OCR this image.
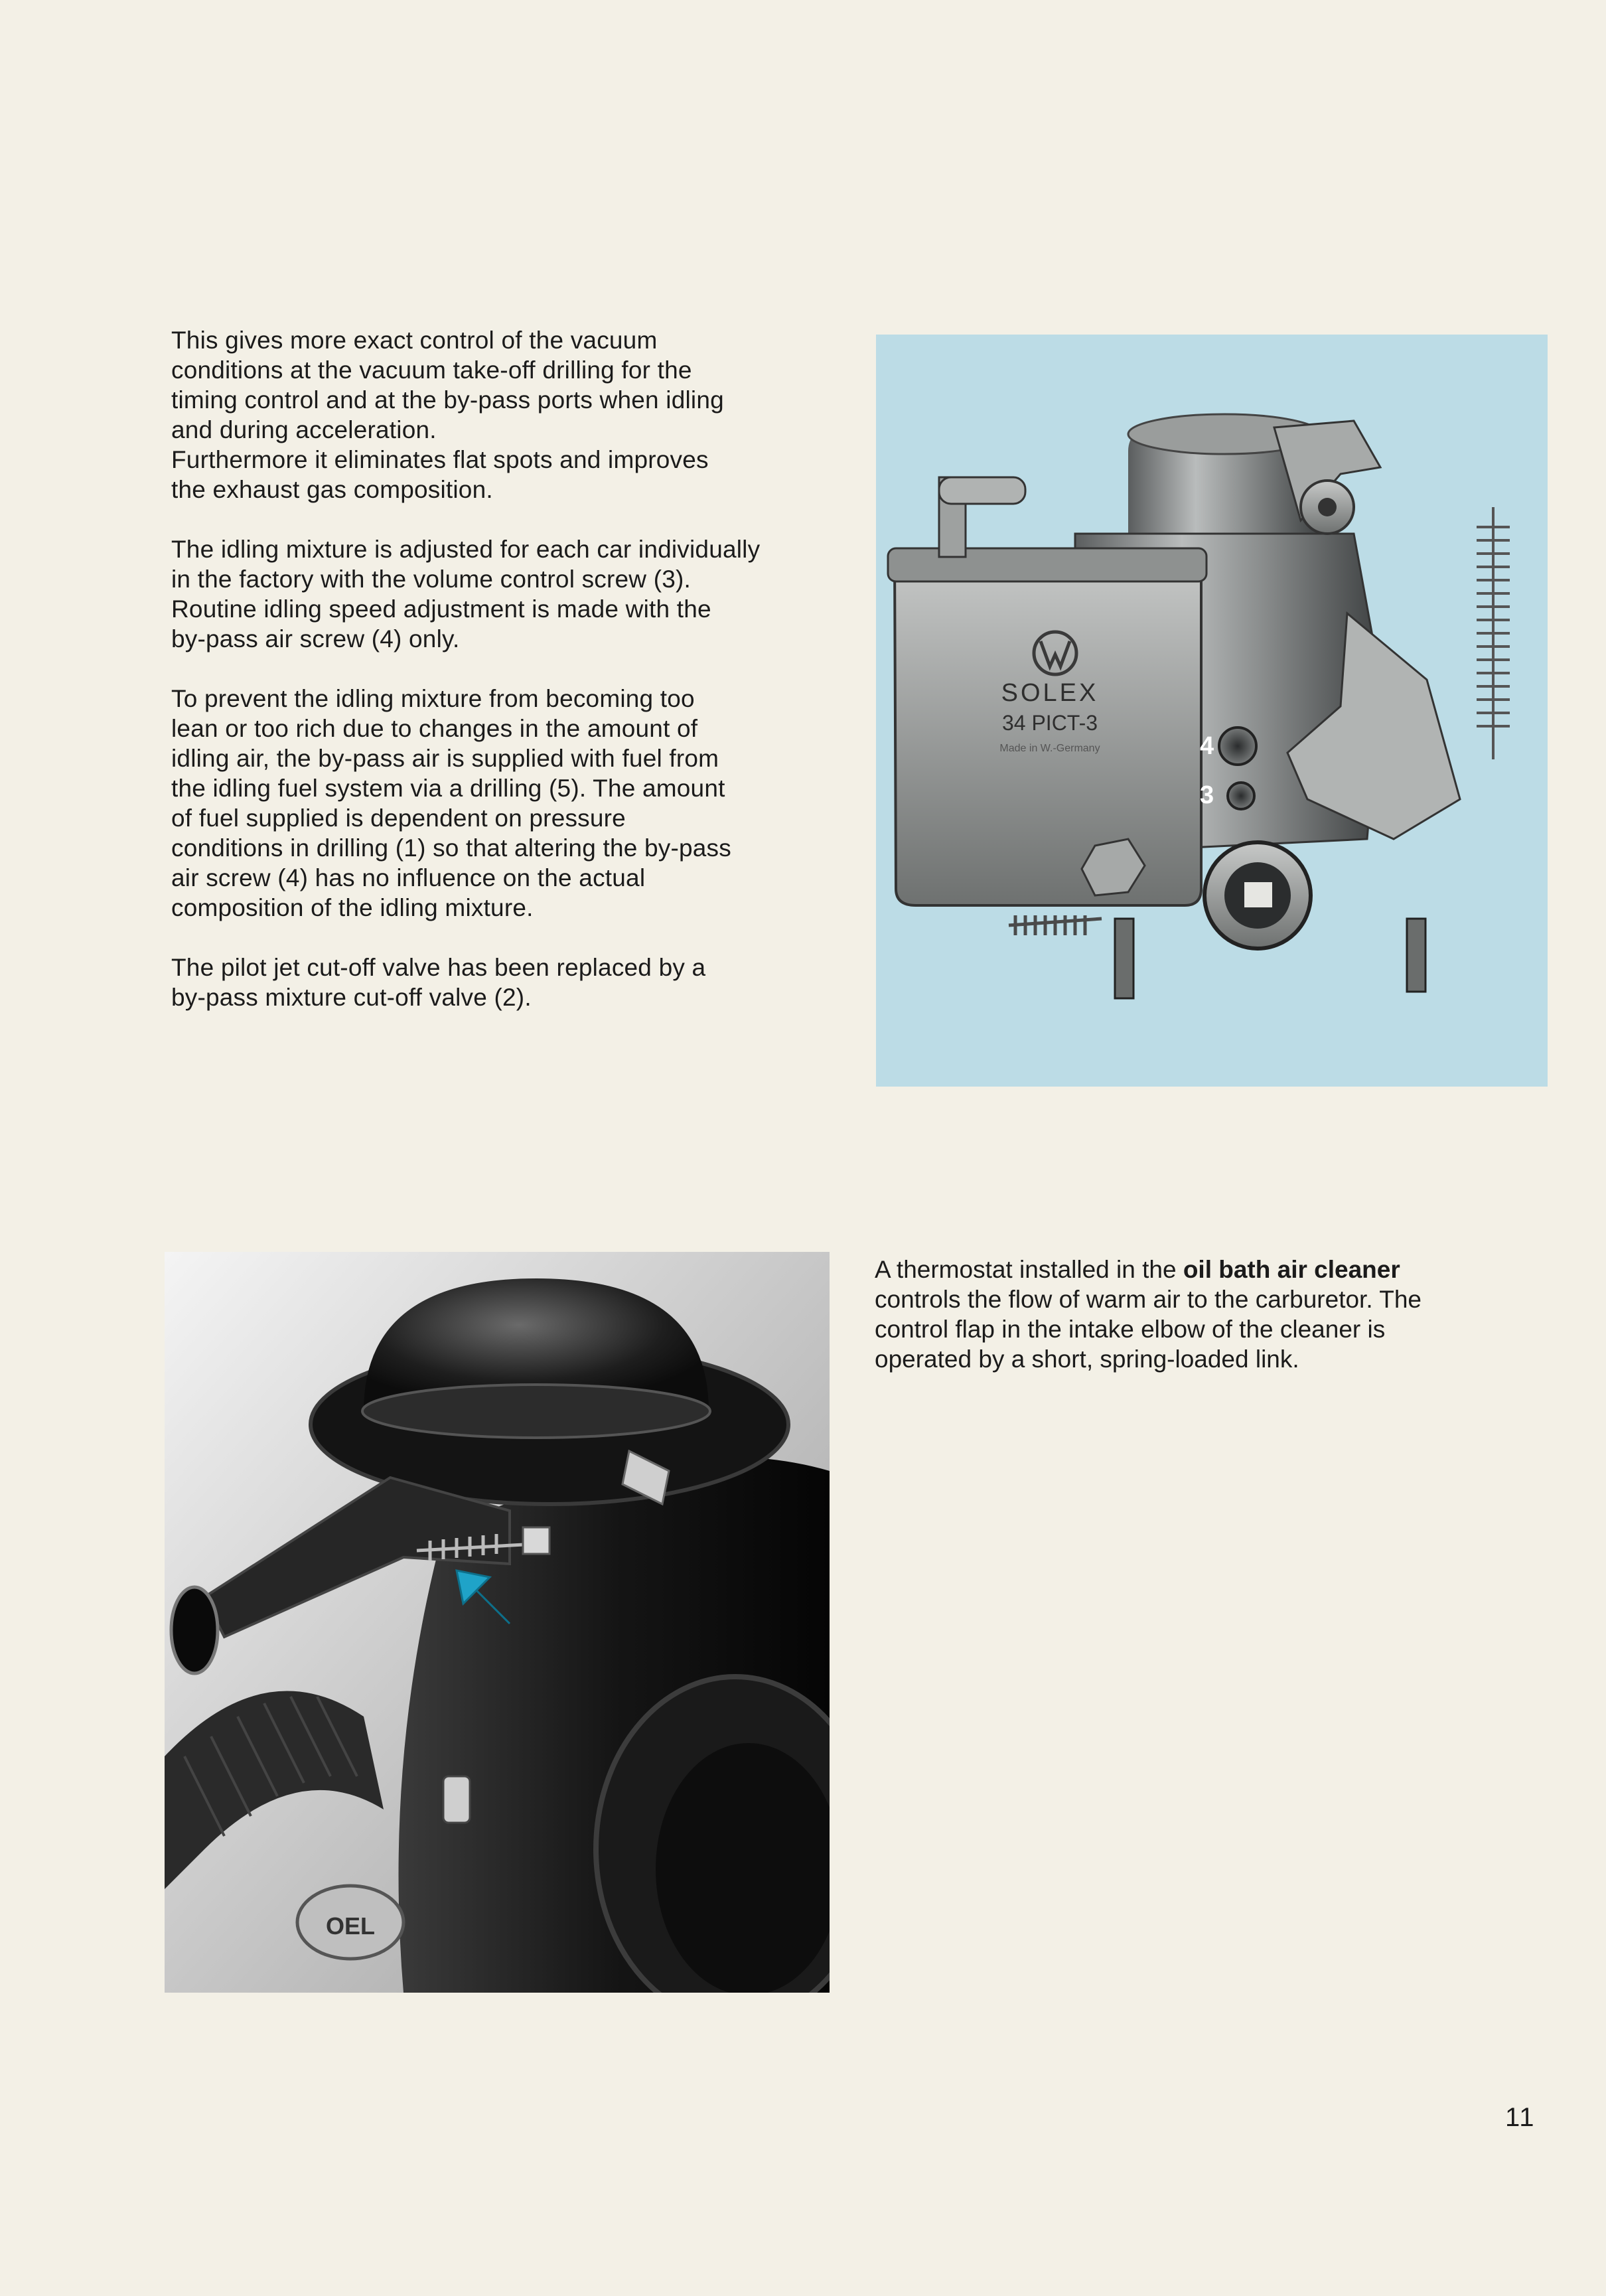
This gives more exact control of the vacuum
conditions at the vacuum take-off drilling for the
timing control and at the by-pass ports when idling
and during acceleration.
Furthermore it eliminates flat spots and improves
the exhaust gas composition.

The idling mixture is adjusted for each car individually
in the factory with the volume control screw (3).
Routine idling speed adjustment is made with the
by-pass air screw (4) only.

To prevent the idling mixture from becoming too
lean or too rich due to changes in the amount of
idling air, the by-pass air is supplied with fuel from
the idling fuel system via a drilling (5). The amount
of fuel supplied is dependent on pressure
conditions in drilling (1) so that altering the by-pass
air screw (4) has no influence on the actual
composition of the idling mixture.

The pilot jet cut-off valve has been replaced by a
by-pass mixture cut-off valve (2).

SOLEX
34 PICT-3
Made in W.-Germany	4
3
OEL
A thermostat installed in the oil bath air cleaner
controls the flow of warm air to the carburetor. The
control flap in the intake elbow of the cleaner is
operated by a short, spring-loaded link.
11
